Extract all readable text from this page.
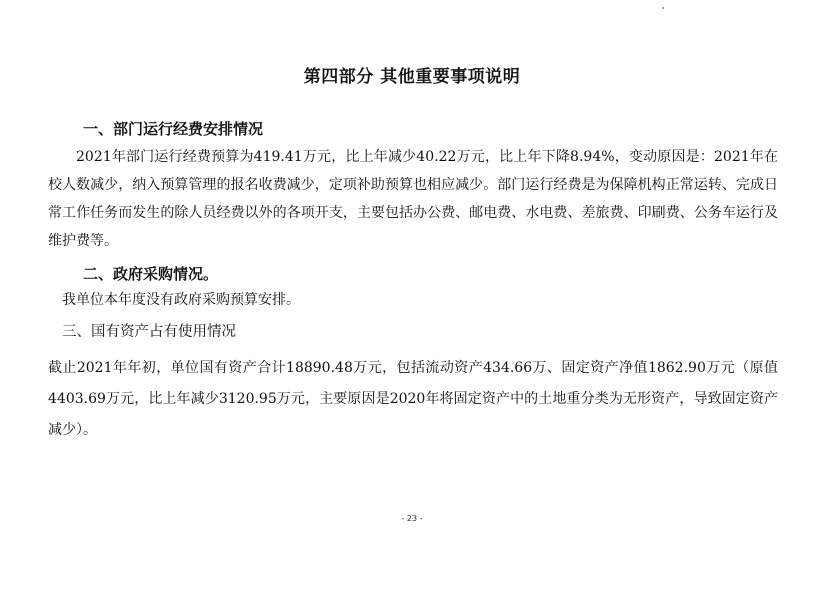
第四部分 其他重要事项说明
一、部门运行经费安排情况

2021年部门运行经费预算为419.41万元，比上年减少40.22万元，比上年下降8.94%，变动原因是：2021年在校人数减少，纳入预算管理的报名收费减少，定项补助预算也相应减少。部门运行经费是为保障机构正常运转、完成日常工作任务而发生的除人员经费以外的各项开支，主要包括办公费、邮电费、水电费、差旅费、印刷费、公务车运行及维护费等。

二、政府采购情况。

我单位本年度没有政府采购预算安排。

三、国有资产占有使用情况

截止2021年年初，单位国有资产合计18890.48万元，包括流动资产434.66万、固定资产净值1862.90万元（原值4403.69万元，比上年减少3120.95万元，主要原因是2020年将固定资产中的土地重分类为无形资产，导致固定资产减少）。

- 23 -
